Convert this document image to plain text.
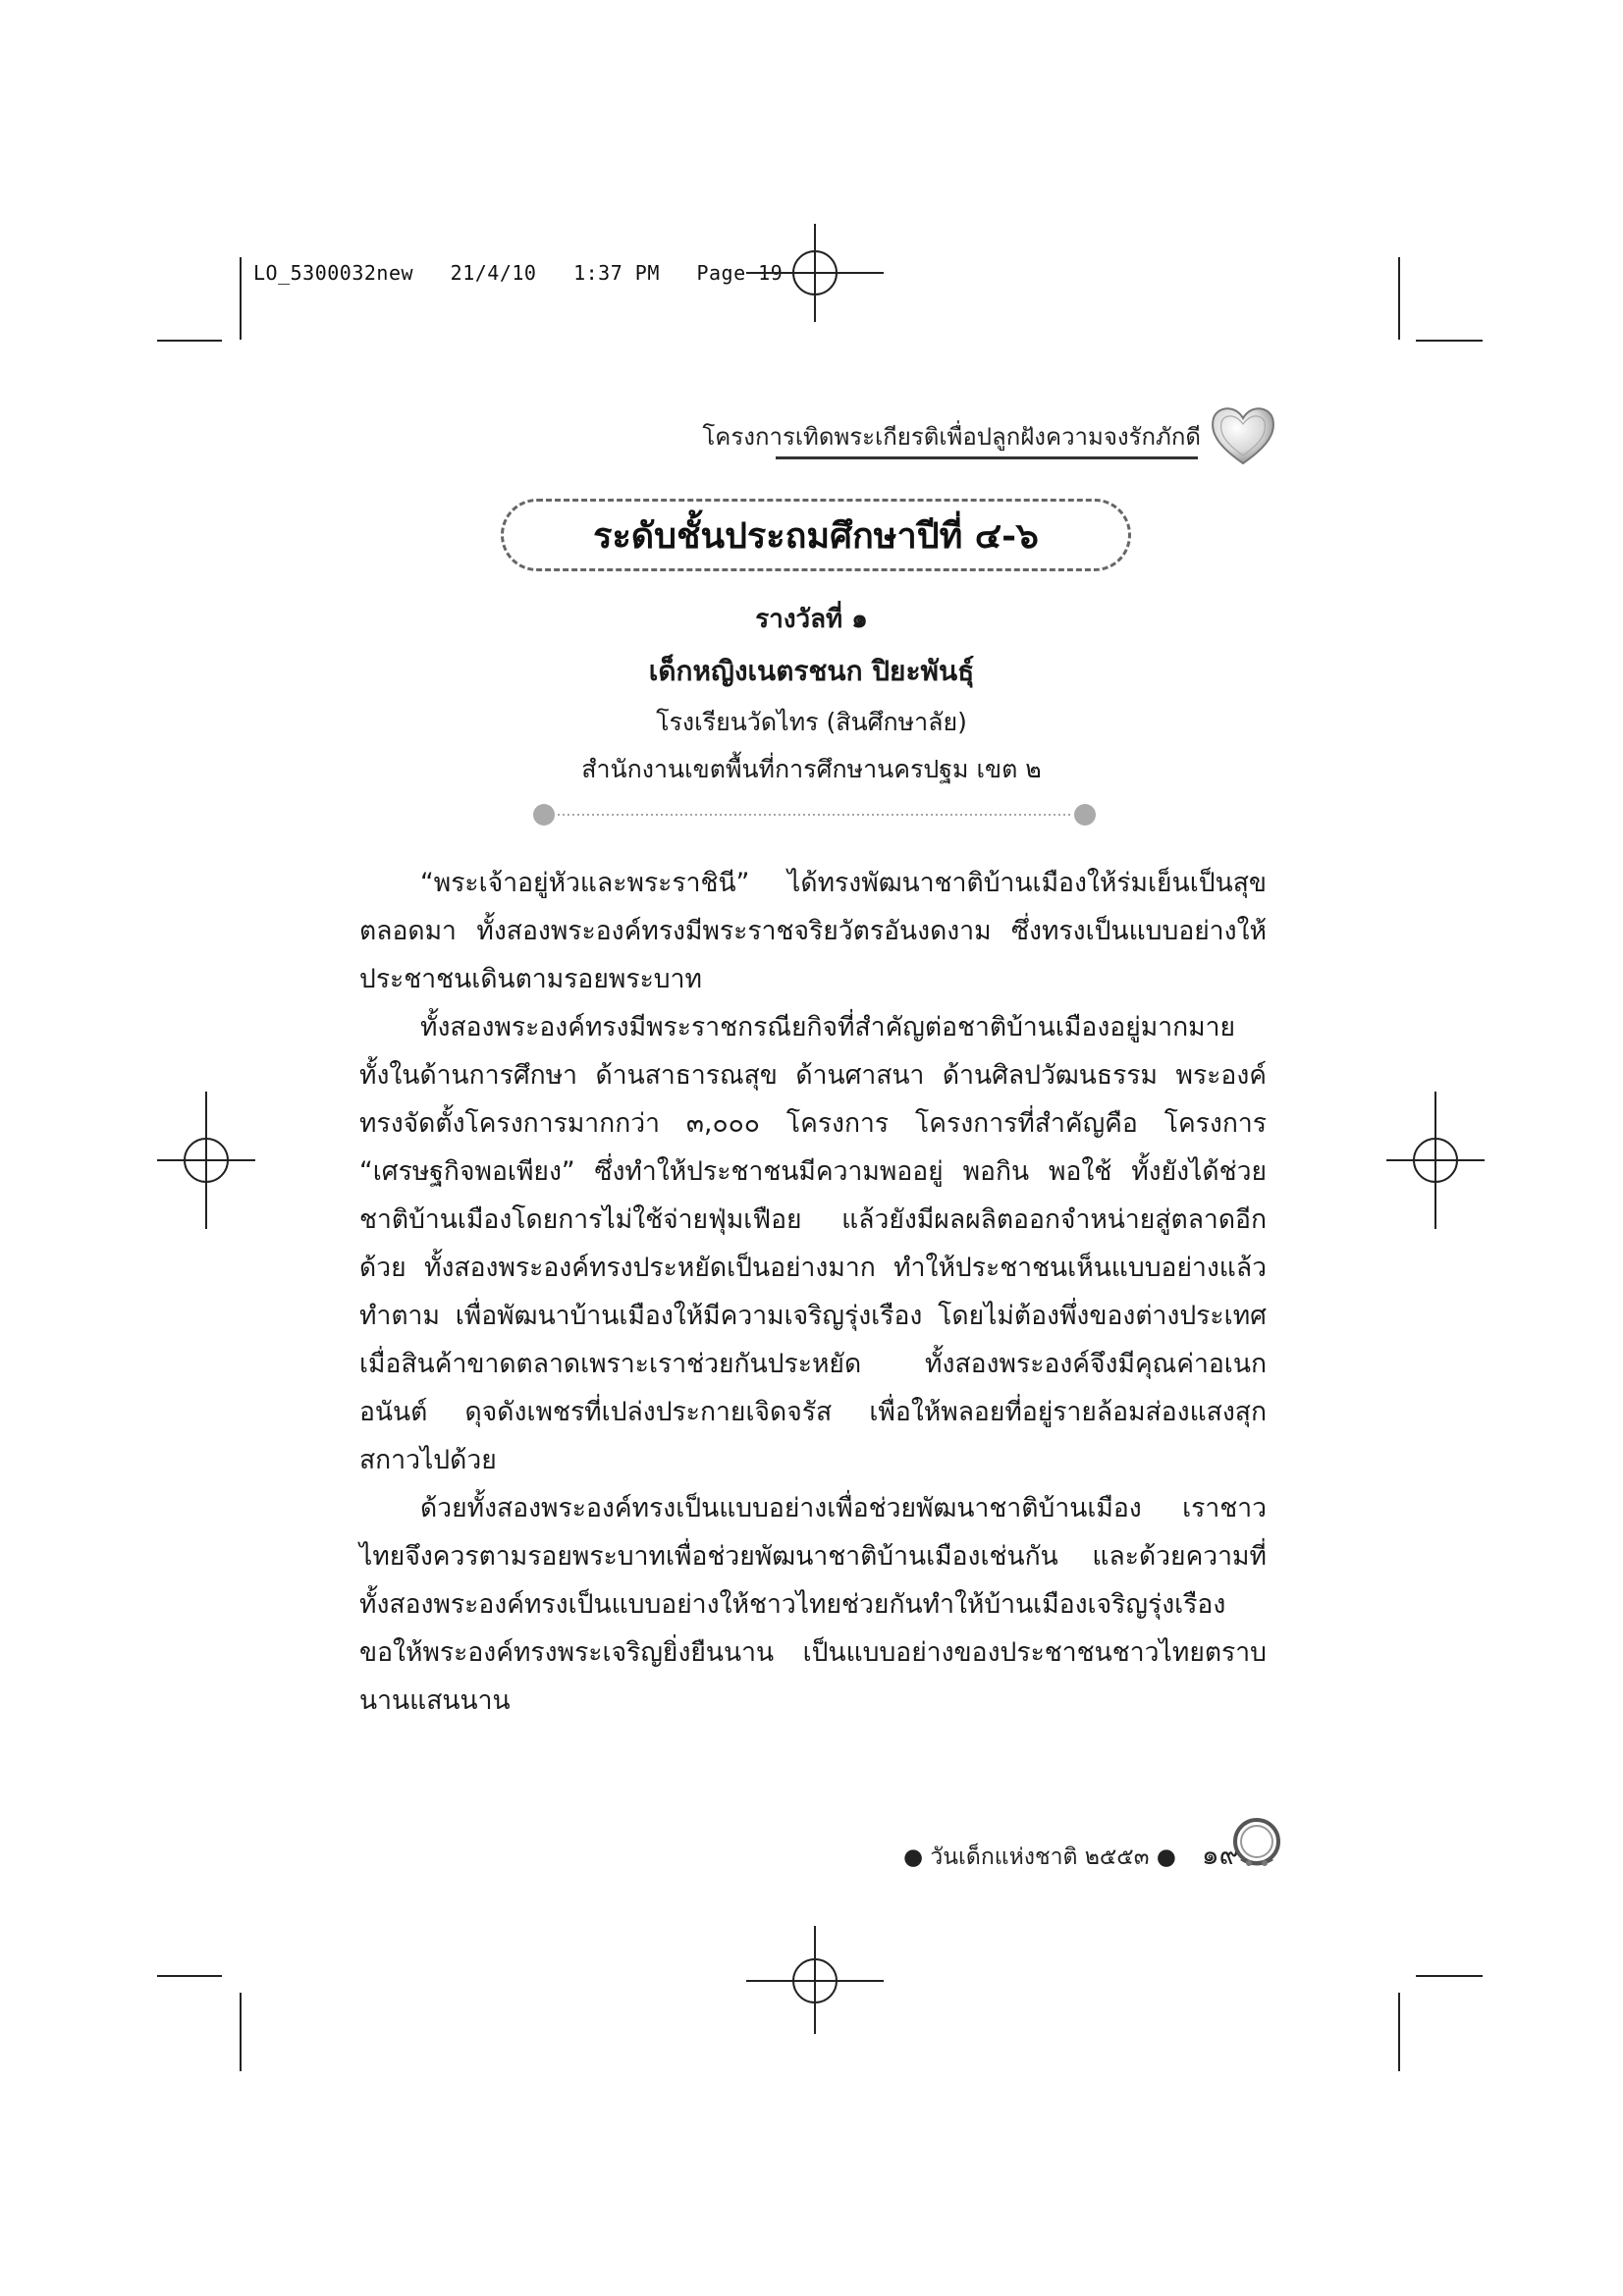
LO_5300032new   21/4/10   1:37 PM   Page 19
โครงการเทิดพระเกียรติเพื่อปลูกฝังความจงรักภักดี
ระดับชั้นประถมศึกษาปีที่ ๔-๖
รางวัลที่ ๑
เด็กหญิงเนตรชนก ปิยะพันธุ์
โรงเรียนวัดไทร (สินศึกษาลัย)
สำนักงานเขตพื้นที่การศึกษานครปฐม เขต ๒

“พระเจ้าอยู่หัวและพระราชินี” ได้ทรงพัฒนาชาติบ้านเมืองให้ร่มเย็นเป็นสุขตลอดมา ทั้งสองพระองค์ทรงมีพระราชจริยวัตรอันงดงาม ซึ่งทรงเป็นแบบอย่างให้ประชาชนเดินตามรอยพระบาท

ทั้งสองพระองค์ทรงมีพระราชกรณียกิจที่สำคัญต่อชาติบ้านเมืองอยู่มากมาย ทั้งในด้านการศึกษา ด้านสาธารณสุข ด้านศาสนา ด้านศิลปวัฒนธรรม พระองค์ทรงจัดตั้งโครงการมากกว่า ๓,๐๐๐ โครงการ โครงการที่สำคัญคือ โครงการ “เศรษฐกิจพอเพียง” ซึ่งทำให้ประชาชนมีความพออยู่ พอกิน พอใช้ ทั้งยังได้ช่วยชาติบ้านเมืองโดยการไม่ใช้จ่ายฟุ่มเฟือย แล้วยังมีผลผลิตออกจำหน่ายสู่ตลาดอีกด้วย ทั้งสองพระองค์ทรงประหยัดเป็นอย่างมาก ทำให้ประชาชนเห็นแบบอย่างแล้วทำตาม เพื่อพัฒนาบ้านเมืองให้มีความเจริญรุ่งเรือง โดยไม่ต้องพึ่งของต่างประเทศเมื่อสินค้าขาดตลาดเพราะเราช่วยกันประหยัด ทั้งสองพระองค์จึงมีคุณค่าอเนกอนันต์ ดุจดังเพชรที่เปล่งประกายเจิดจรัส เพื่อให้พลอยที่อยู่รายล้อมส่องแสงสุกสกาวไปด้วย

ด้วยทั้งสองพระองค์ทรงเป็นแบบอย่างเพื่อช่วยพัฒนาชาติบ้านเมือง เราชาวไทยจึงควรตามรอยพระบาทเพื่อช่วยพัฒนาชาติบ้านเมืองเช่นกัน และด้วยความที่ทั้งสองพระองค์ทรงเป็นแบบอย่างให้ชาวไทยช่วยกันทำให้บ้านเมืองเจริญรุ่งเรือง ขอให้พระองค์ทรงพระเจริญยิ่งยืนนาน เป็นแบบอย่างของประชาชนชาวไทยตราบนานแสนนาน

● วันเด็กแห่งชาติ ๒๕๕๓ ● ๑๙
